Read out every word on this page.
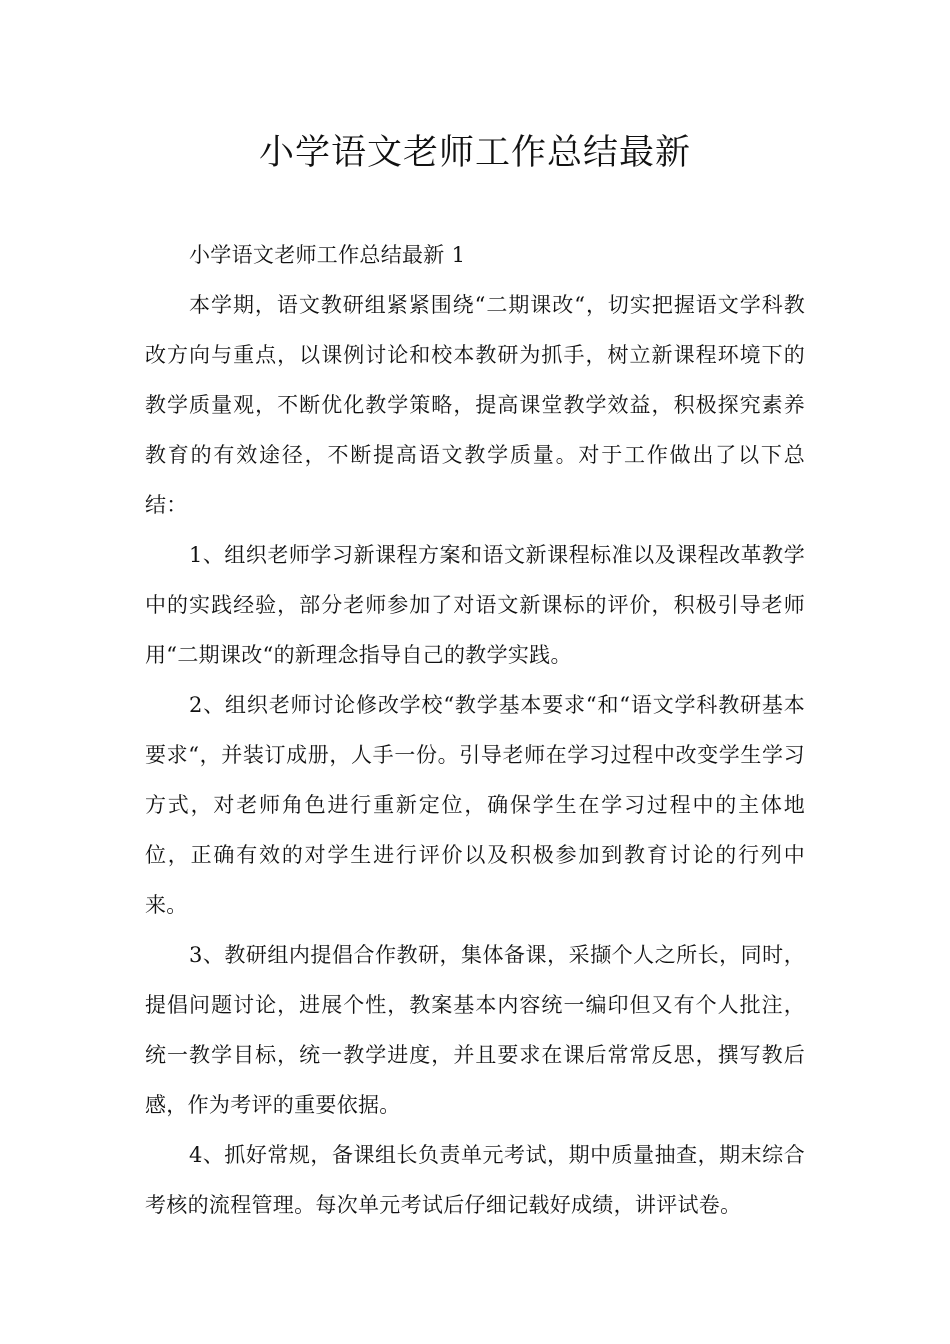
小学语文老师工作总结最新

小学语文老师工作总结最新 1

本学期，语文教研组紧紧围绕“二期课改“，切实把握语文学科教改方向与重点，以课例讨论和校本教研为抓手，树立新课程环境下的教学质量观，不断优化教学策略，提高课堂教学效益，积极探究素养教育的有效途径，不断提高语文教学质量。对于工作做出了以下总结：

1、组织老师学习新课程方案和语文新课程标准以及课程改革教学中的实践经验，部分老师参加了对语文新课标的评价，积极引导老师用“二期课改“的新理念指导自己的教学实践。

2、组织老师讨论修改学校“教学基本要求“和“语文学科教研基本要求“，并装订成册，人手一份。引导老师在学习过程中改变学生学习方式，对老师角色进行重新定位，确保学生在学习过程中的主体地位，正确有效的对学生进行评价以及积极参加到教育讨论的行列中来。

3、教研组内提倡合作教研，集体备课，采撷个人之所长，同时，提倡问题讨论，进展个性，教案基本内容统一编印但又有个人批注，统一教学目标，统一教学进度，并且要求在课后常常反思，撰写教后感，作为考评的重要依据。

4、抓好常规，备课组长负责单元考试，期中质量抽查，期末综合考核的流程管理。每次单元考试后仔细记载好成绩，讲评试卷。
